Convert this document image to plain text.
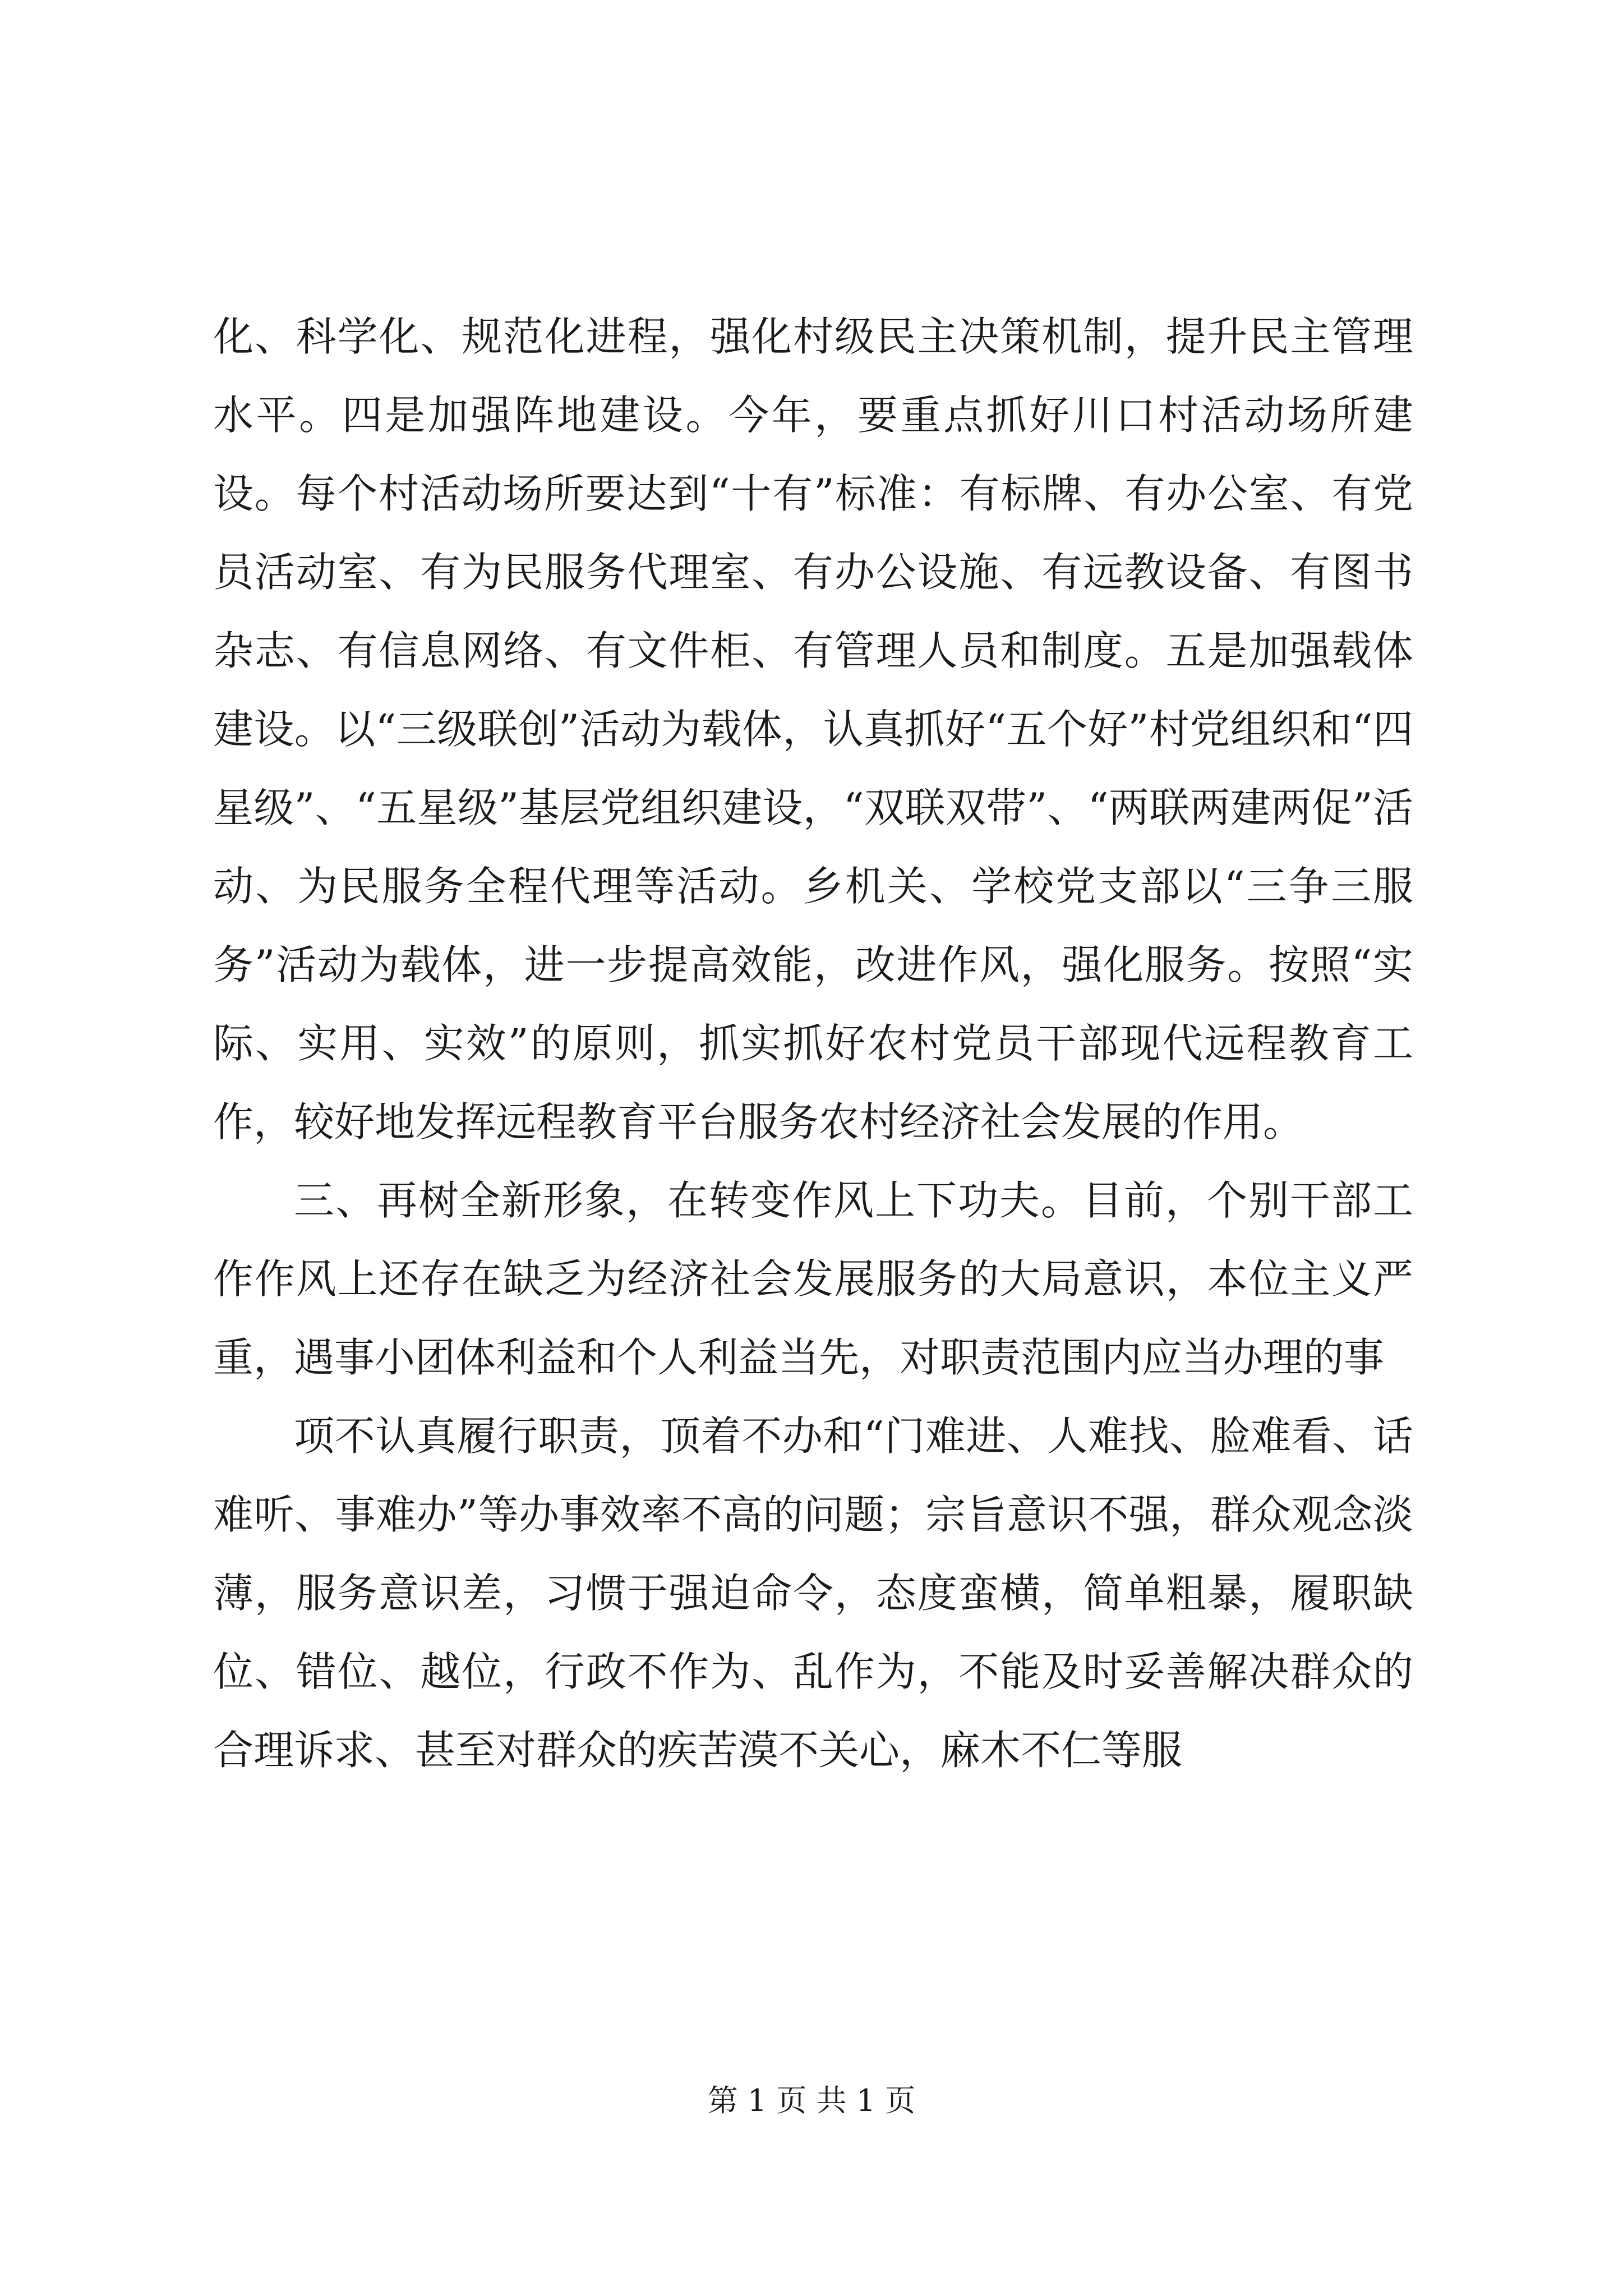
化、科学化、规范化进程，强化村级民主决策机制，提升民主管理水平。四是加强阵地建设。今年，要重点抓好川口村活动场所建设。每个村活动场所要达到“十有”标准：有标牌、有办公室、有党员活动室、有为民服务代理室、有办公设施、有远教设备、有图书杂志、有信息网络、有文件柜、有管理人员和制度。五是加强载体建设。以“三级联创”活动为载体，认真抓好“五个好”村党组织和“四星级”、“五星级”基层党组织建设，“双联双带”、“两联两建两促”活动、为民服务全程代理等活动。乡机关、学校党支部以“三争三服务”活动为载体，进一步提高效能，改进作风，强化服务。按照“实际、实用、实效”的原则，抓实抓好农村党员干部现代远程教育工作，较好地发挥远程教育平台服务农村经济社会发展的作用。

三、再树全新形象，在转变作风上下功夫。目前，个别干部工作作风上还存在缺乏为经济社会发展服务的大局意识，本位主义严重，遇事小团体利益和个人利益当先，对职责范围内应当办理的事

项不认真履行职责，顶着不办和“门难进、人难找、脸难看、话难听、事难办”等办事效率不高的问题；宗旨意识不强，群众观念淡薄，服务意识差，习惯于强迫命令，态度蛮横，简单粗暴，履职缺位、错位、越位，行政不作为、乱作为，不能及时妥善解决群众的合理诉求、甚至对群众的疾苦漠不关心，麻木不仁等服

第 1 页 共 1 页
